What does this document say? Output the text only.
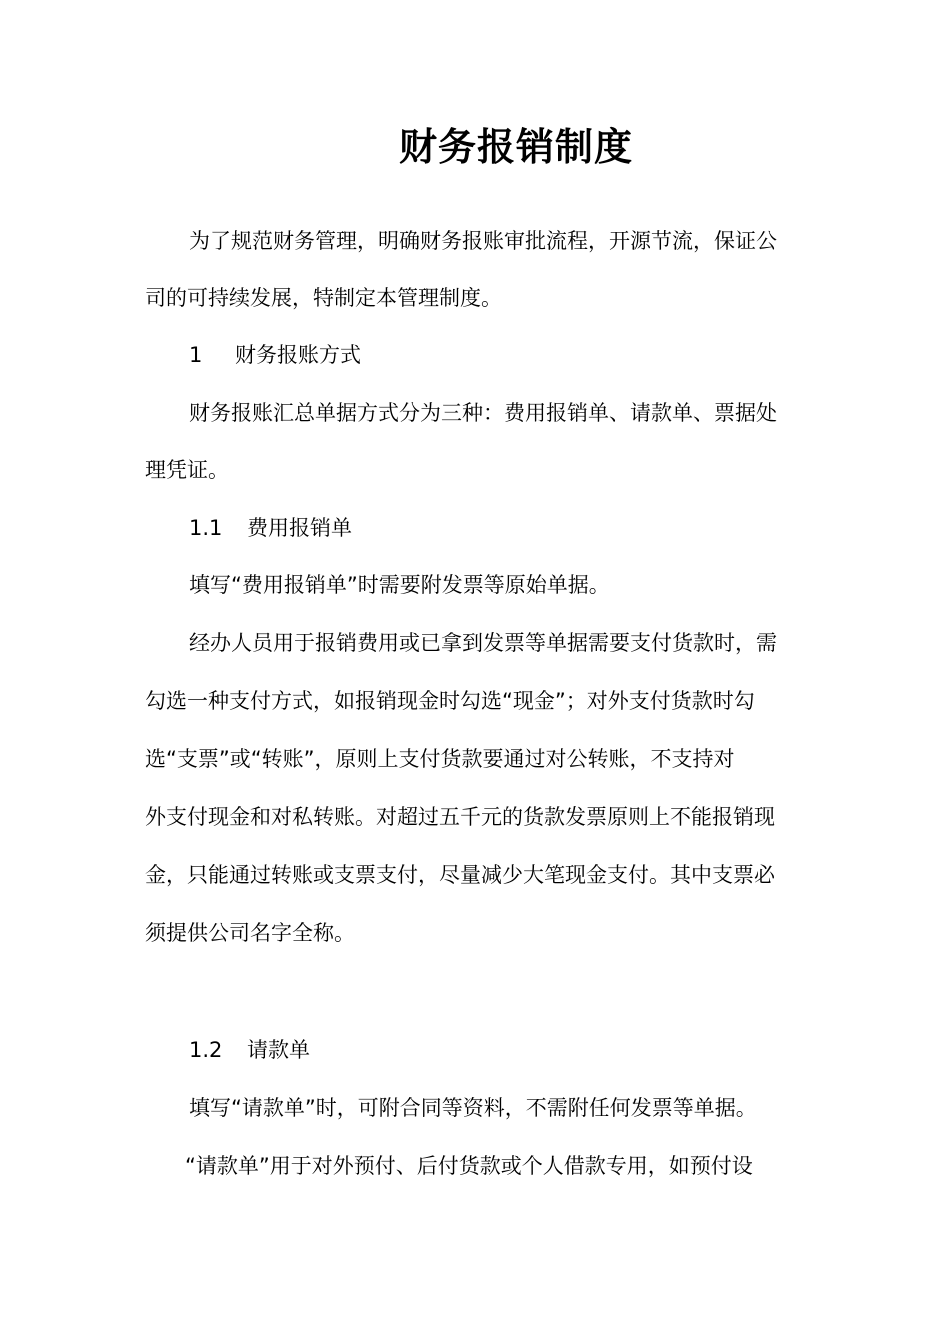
财务报销制度
为了规范财务管理，明确财务报账审批流程，开源节流，保证公
司的可持续发展，特制定本管理制度。
1 财务报账方式
财务报账汇总单据方式分为三种：费用报销单、请款单、票据处
理凭证。
1.1 费用报销单
填写“费用报销单”时需要附发票等原始单据。
经办人员用于报销费用或已拿到发票等单据需要支付货款时，需
勾选一种支付方式，如报销现金时勾选“现金”；对外支付货款时勾
选“支票”或“转账”，原则上支付货款要通过对公转账，不支持对
外支付现金和对私转账。对超过五千元的货款发票原则上不能报销现
金，只能通过转账或支票支付，尽量减少大笔现金支付。其中支票必
须提供公司名字全称。
1.2 请款单
填写“请款单”时，可附合同等资料，不需附任何发票等单据。
“请款单”用于对外预付、后付货款或个人借款专用，如预付设
